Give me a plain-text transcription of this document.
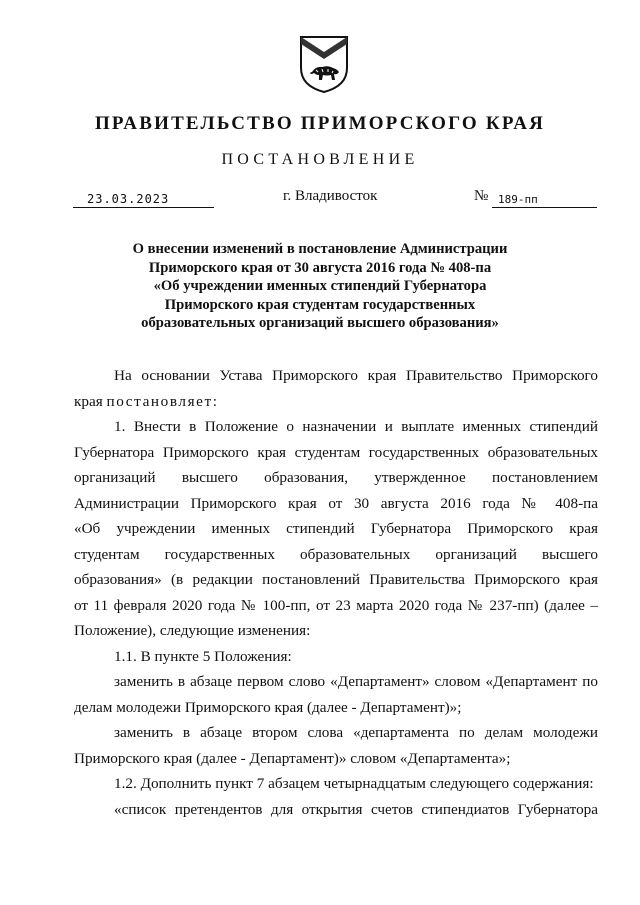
ПРАВИТЕЛЬСТВО ПРИМОРСКОГО КРАЯ
ПОСТАНОВЛЕНИЕ
23.03.2023	г. Владивосток	№ 189-пп
О внесении изменений в постановление Администрации
Приморского края от 30 августа 2016 года № 408-па
«Об учреждении именных стипендий Губернатора
Приморского края студентам государственных
образовательных организаций высшего образования»
На основании Устава Приморского края Правительство Приморского
края постановляет:
1. Внести в Положение о назначении и выплате именных стипендий
Губернатора Приморского края студентам государственных образовательных
организаций высшего образования, утвержденное постановлением
Администрации Приморского края от 30 августа 2016 года № 408-па
«Об учреждении именных стипендий Губернатора Приморского края
студентам государственных образовательных организаций высшего
образования» (в редакции постановлений Правительства Приморского края
от 11 февраля 2020 года № 100-пп, от 23 марта 2020 года № 237-пп) (далее –
Положение), следующие изменения:
1.1. В пункте 5 Положения:
заменить в абзаце первом слово «Департамент» словом «Департамент по
делам молодежи Приморского края (далее - Департамент)»;
заменить в абзаце втором слова «департамента по делам молодежи
Приморского края (далее - Департамент)» словом «Департамента»;
1.2. Дополнить пункт 7 абзацем четырнадцатым следующего содержания:
«список претендентов для открытия счетов стипендиатов Губернатора
